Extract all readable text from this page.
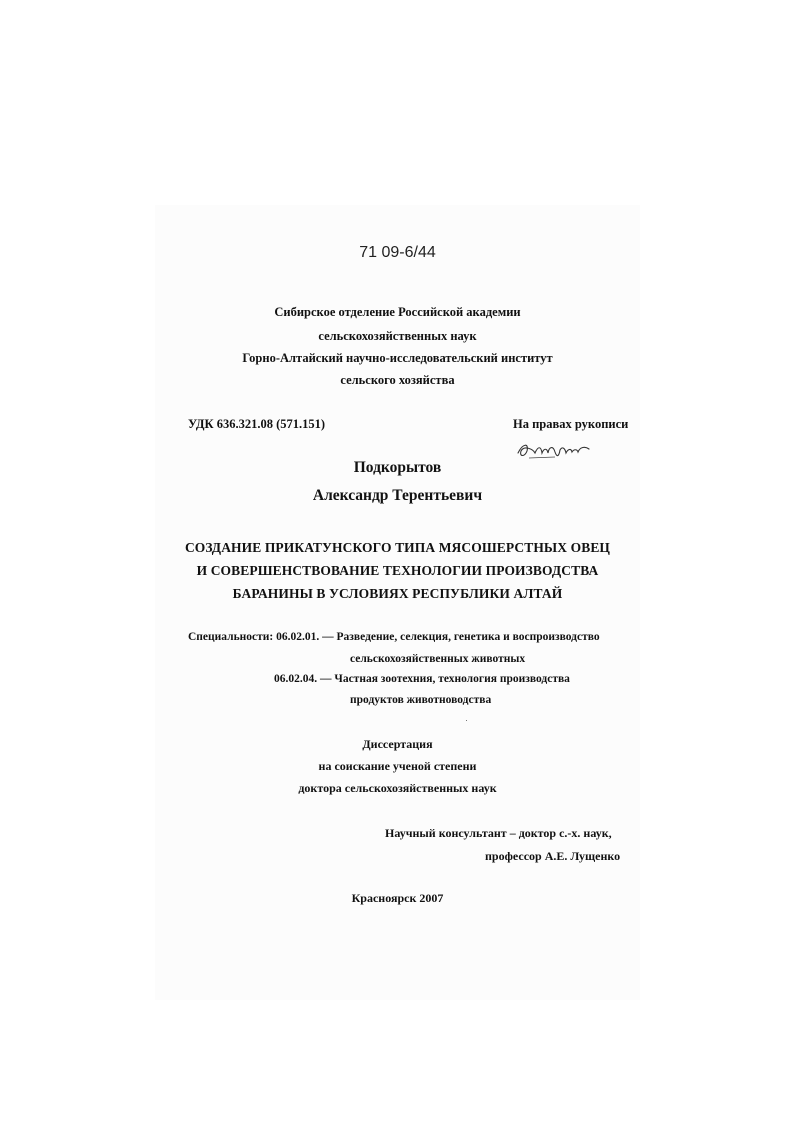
71 09-6/44
Сибирское отделение Российской академии
сельскохозяйственных наук
Горно-Алтайский научно-исследовательский институт
сельского хозяйства
УДК 636.321.08 (571.151)	На правах рукописи
Подкорытов
Александр Терентьевич
СОЗДАНИЕ ПРИКАТУНСКОГО ТИПА МЯСОШЕРСТНЫХ ОВЕЦ
И СОВЕРШЕНСТВОВАНИЕ ТЕХНОЛОГИИ ПРОИЗВОДСТВА
БАРАНИНЫ В УСЛОВИЯХ РЕСПУБЛИКИ АЛТАЙ
Специальности: 06.02.01. — Разведение, селекция, генетика и воспроизводство
сельскохозяйственных животных
06.02.04. — Частная зоотехния, технология производства
продуктов животноводства
Диссертация
на соискание ученой степени
доктора сельскохозяйственных наук
Научный консультант – доктор с.-х. наук,
профессор А.Е. Лущенко
Красноярск 2007
